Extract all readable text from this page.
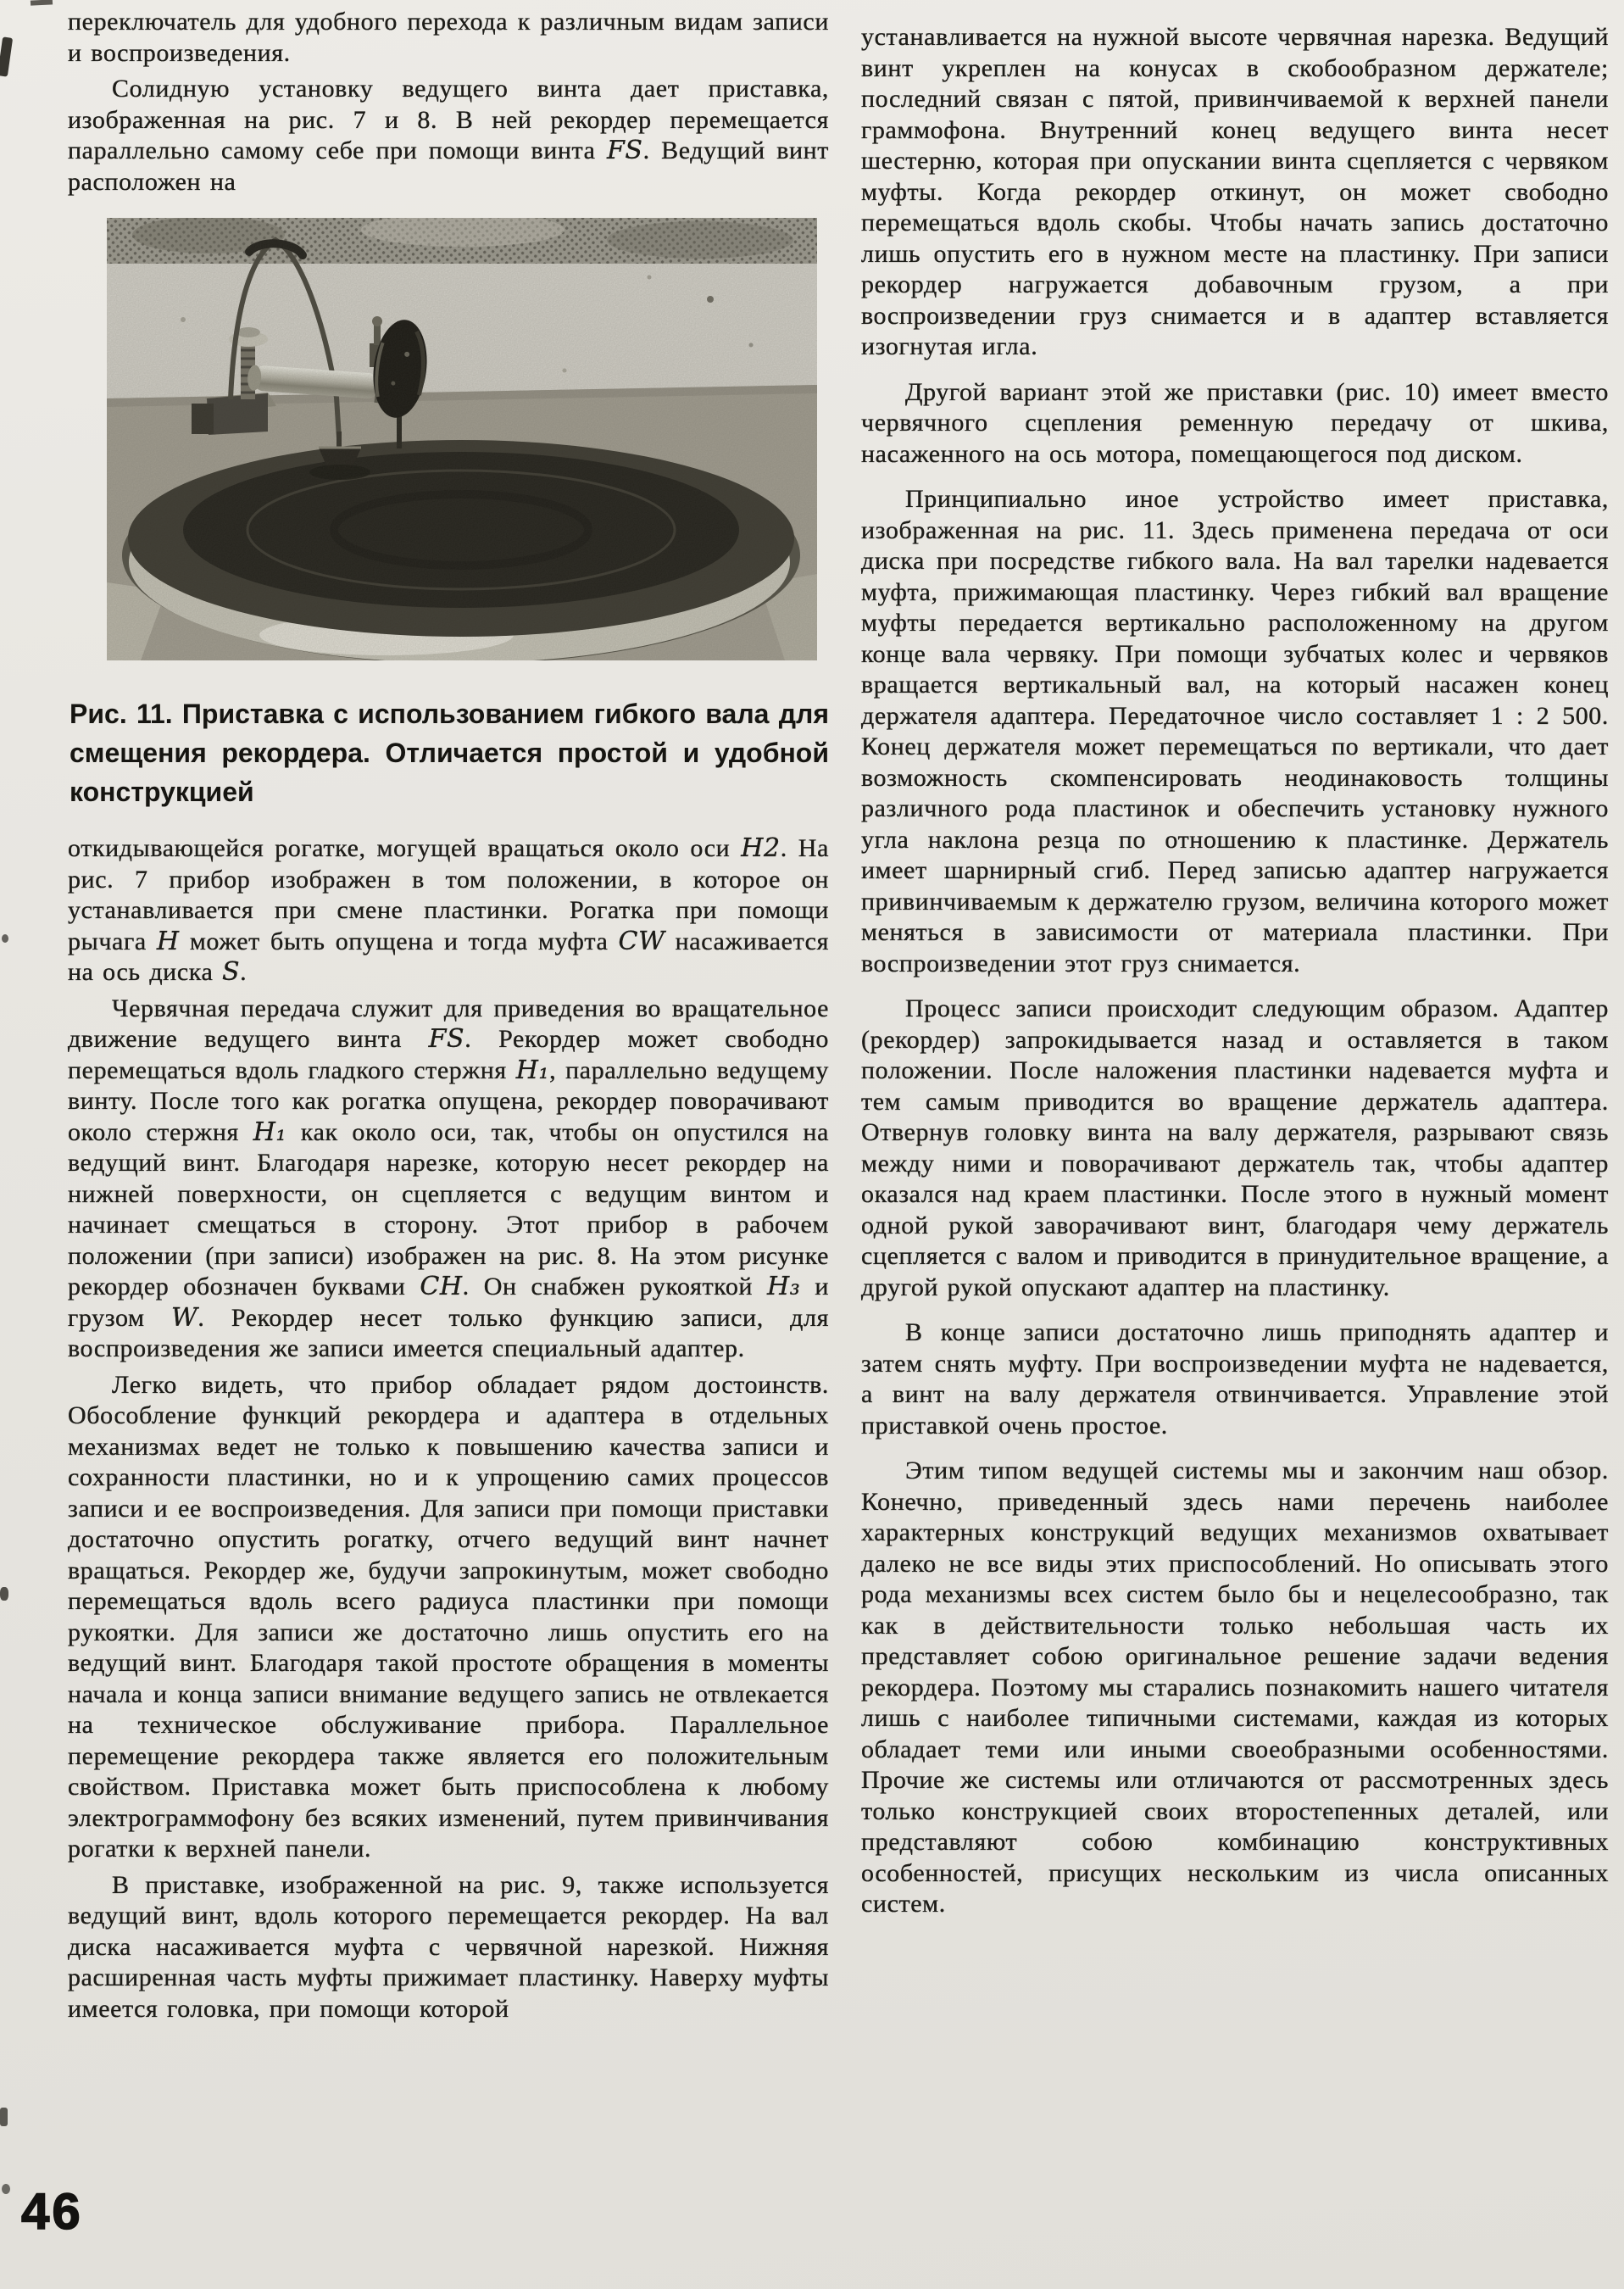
переключатель для удобного перехода к различным видам записи и воспроизведения.

Солидную установку ведущего винта дает приставка, изображенная на рис. 7 и 8. В ней рекордер перемещается параллельно самому себе при помощи винта FS. Ведущий винт расположен на

Рис. 11. Приставка с использованием гибкого вала для смещения рекордера. Отличается простой и удобной конструкцией

откидывающейся рогатке, могущей вращаться около оси H2. На рис. 7 прибор изображен в том положении, в которое он устанавливается при смене пластинки. Рогатка при помощи рычага H может быть опущена и тогда муфта CW насаживается на ось диска S.

Червячная передача служит для приведения во вращательное движение ведущего винта FS. Рекордер может свободно перемещаться вдоль гладкого стержня H₁, параллельно ведущему винту. После того как рогатка опущена, рекордер поворачивают около стержня H₁ как около оси, так, чтобы он опустился на ведущий винт. Благодаря нарезке, которую несет рекордер на нижней поверхности, он сцепляется с ведущим винтом и начинает смещаться в сторону. Этот прибор в рабочем положении (при записи) изображен на рис. 8. На этом рисунке рекордер обозначен буквами CH. Он снабжен рукояткой H₃ и грузом W. Рекордер несет только функцию записи, для воспроизведения же записи имеется специальный адаптер.

Легко видеть, что прибор обладает рядом достоинств. Обособление функций рекордера и адаптера в отдельных механизмах ведет не только к повышению качества записи и сохранности пластинки, но и к упрощению самих процессов записи и ее воспроизведения. Для записи при помощи приставки достаточно опустить рогатку, отчего ведущий винт начнет вращаться. Рекордер же, будучи запрокинутым, может свободно перемещаться вдоль всего радиуса пластинки при помощи рукоятки. Для записи же достаточно лишь опустить его на ведущий винт. Благодаря такой простоте обращения в моменты начала и конца записи внимание ведущего запись не отвлекается на техническое обслуживание прибора. Параллельное перемещение рекордера также является его положительным свойством. Приставка может быть приспособлена к любому электрограммофону без всяких изменений, путем привинчивания рогатки к верхней панели.

В приставке, изображенной на рис. 9, также используется ведущий винт, вдоль которого перемещается рекордер. На вал диска насаживается муфта с червячной нарезкой. Нижняя расширенная часть муфты прижимает пластинку. Наверху муфты имеется головка, при помощи которой

устанавливается на нужной высоте червячная нарезка. Ведущий винт укреплен на конусах в скобообразном держателе; последний связан с пятой, привинчиваемой к верхней панели граммофона. Внутренний конец ведущего винта несет шестерню, которая при опускании винта сцепляется с червяком муфты. Когда рекордер откинут, он может свободно перемещаться вдоль скобы. Чтобы начать запись достаточно лишь опустить его в нужном месте на пластинку. При записи рекордер нагружается добавочным грузом, а при воспроизведении груз снимается и в адаптер вставляется изогнутая игла.

Другой вариант этой же приставки (рис. 10) имеет вместо червячного сцепления ременную передачу от шкива, насаженного на ось мотора, помещающегося под диском.

Принципиально иное устройство имеет приставка, изображенная на рис. 11. Здесь применена передача от оси диска при посредстве гибкого вала. На вал тарелки надевается муфта, прижимающая пластинку. Через гибкий вал вращение муфты передается вертикально расположенному на другом конце вала червяку. При помощи зубчатых колес и червяков вращается вертикальный вал, на который насажен конец держателя адаптера. Передаточное число составляет 1 : 2 500. Конец держателя может перемещаться по вертикали, что дает возможность скомпенсировать неодинаковость толщины различного рода пластинок и обеспечить установку нужного угла наклона резца по отношению к пластинке. Держатель имеет шарнирный сгиб. Перед записью адаптер нагружается привинчиваемым к держателю грузом, величина которого может меняться в зависимости от материала пластинки. При воспроизведении этот груз снимается.

Процесс записи происходит следующим образом. Адаптер (рекордер) запрокидывается назад и оставляется в таком положении. После наложения пластинки надевается муфта и тем самым приводится во вращение держатель адаптера. Отвернув головку винта на валу держателя, разрывают связь между ними и поворачивают держатель так, чтобы адаптер оказался над краем пластинки. После этого в нужный момент одной рукой заворачивают винт, благодаря чему держатель сцепляется с валом и приводится в принудительное вращение, а другой рукой опускают адаптер на пластинку.

В конце записи достаточно лишь приподнять адаптер и затем снять муфту. При воспроизведении муфта не надевается, а винт на валу держателя отвинчивается. Управление этой приставкой очень простое.

Этим типом ведущей системы мы и закончим наш обзор. Конечно, приведенный здесь нами перечень наиболее характерных конструкций ведущих механизмов охватывает далеко не все виды этих приспособлений. Но описывать этого рода механизмы всех систем было бы и нецелесообразно, так как в действительности только небольшая часть их представляет собою оригинальное решение задачи ведения рекордера. Поэтому мы старались познакомить нашего читателя лишь с наиболее типичными системами, каждая из которых обладает теми или иными своеобразными особенностями. Прочие же системы или отличаются от рассмотренных здесь только конструкцией своих второстепенных деталей, или представляют собою комбинацию конструктивных особенностей, присущих нескольким из числа описанных систем.

46
